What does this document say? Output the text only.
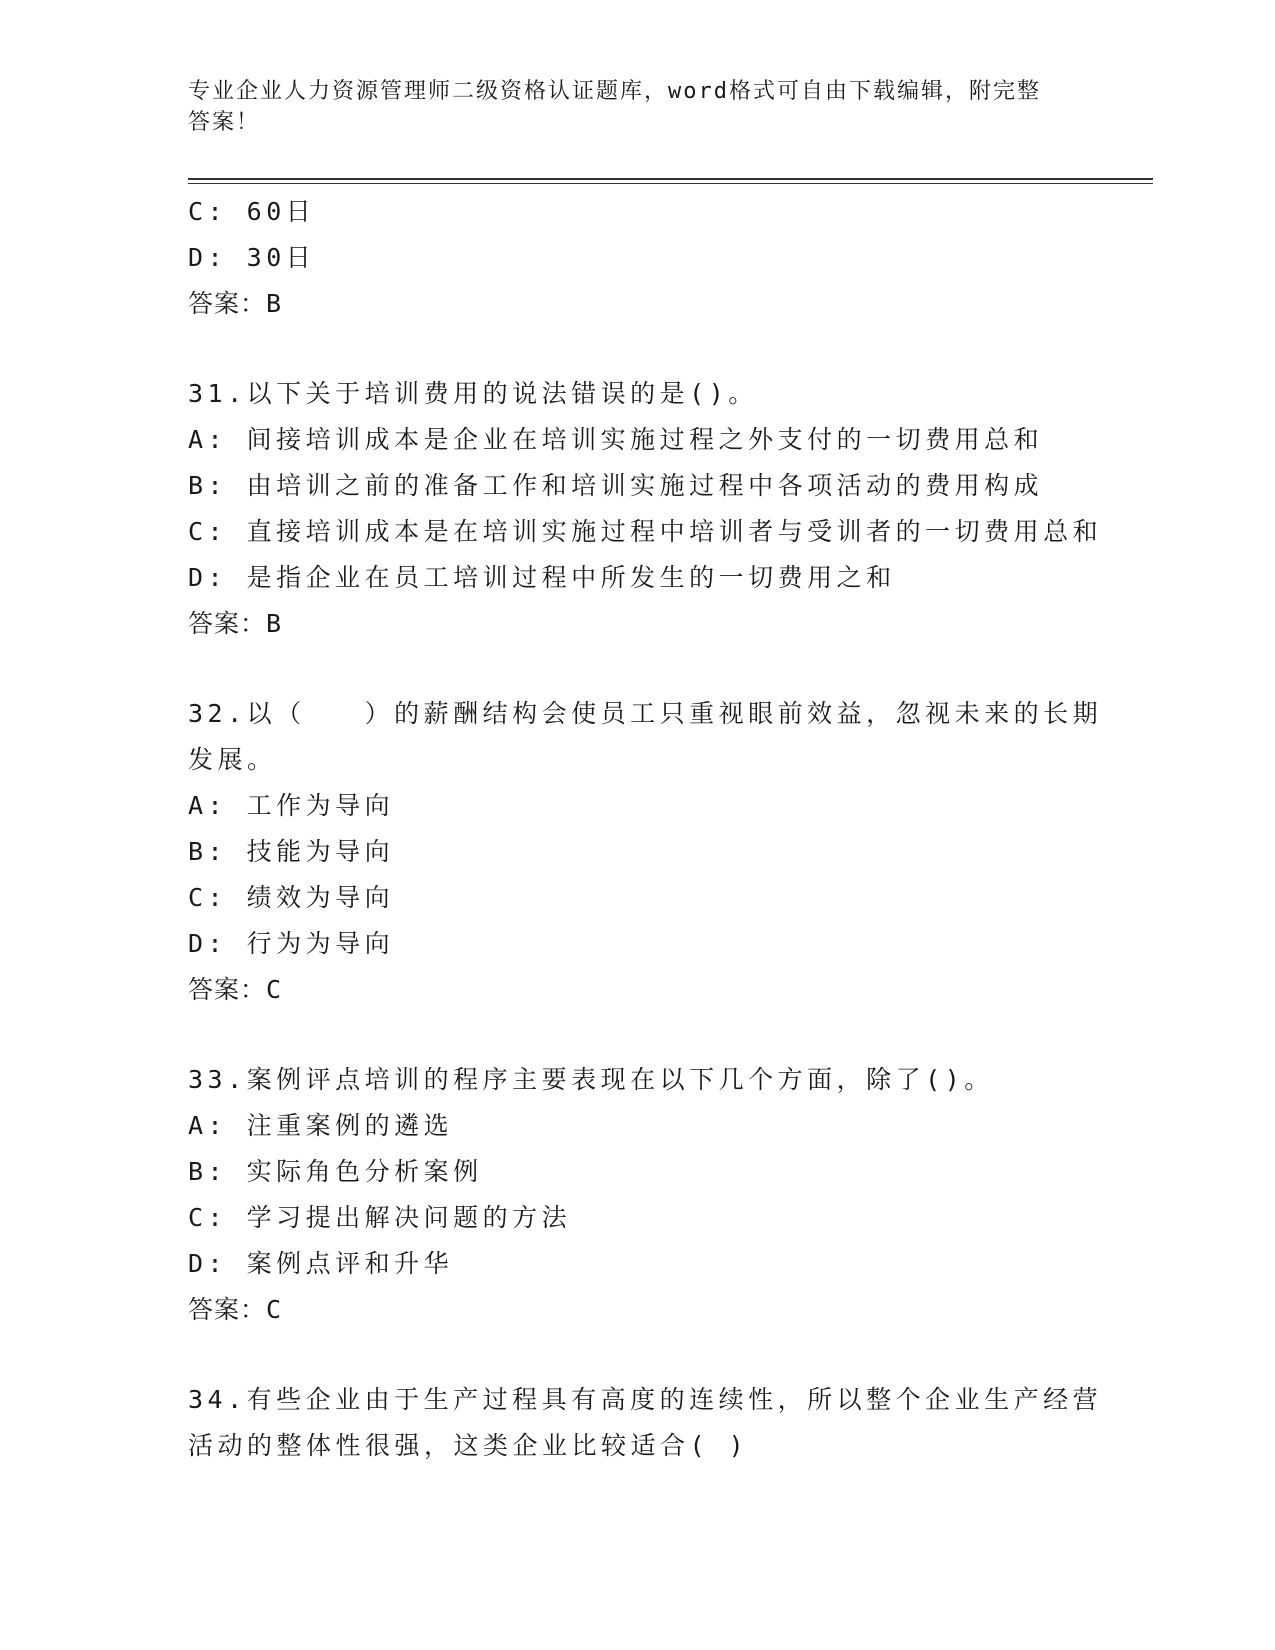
专业企业人力资源管理师二级资格认证题库，word格式可自由下载编辑，附完整
答案！
C: 60日
D: 30日
答案：B
31.以下关于培训费用的说法错误的是()。
A: 间接培训成本是企业在培训实施过程之外支付的一切费用总和
B: 由培训之前的准备工作和培训实施过程中各项活动的费用构成
C: 直接培训成本是在培训实施过程中培训者与受训者的一切费用总和
D: 是指企业在员工培训过程中所发生的一切费用之和
答案：B
32.以（　　）的薪酬结构会使员工只重视眼前效益，忽视未来的长期
发展。
A: 工作为导向
B: 技能为导向
C: 绩效为导向
D: 行为为导向
答案：C
33.案例评点培训的程序主要表现在以下几个方面，除了()。
A: 注重案例的遴选
B: 实际角色分析案例
C: 学习提出解决问题的方法
D: 案例点评和升华
答案：C
34.有些企业由于生产过程具有高度的连续性，所以整个企业生产经营
活动的整体性很强，这类企业比较适合( )
